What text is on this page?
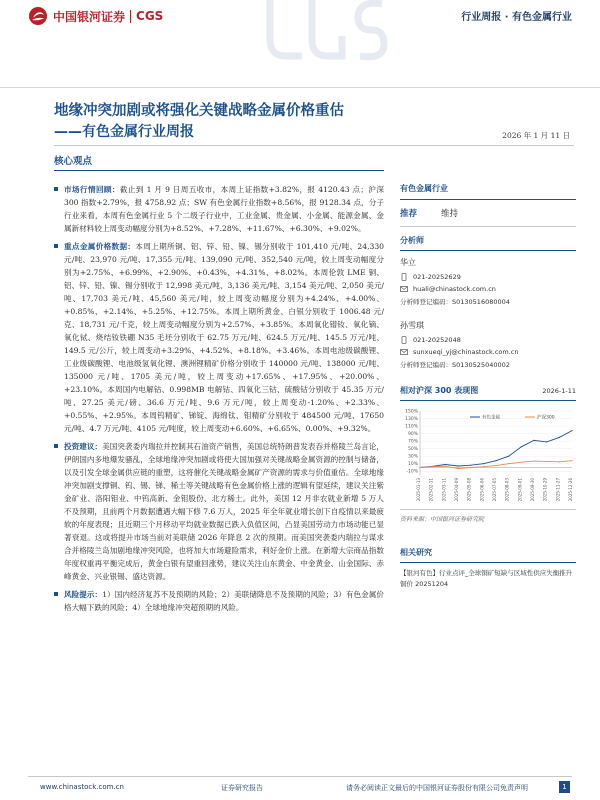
中国银河证券 CGS	行业周报 · 有色金属行业
地缘冲突加剧或将强化关键战略金属价格重估
——有色金属行业周报	2026 年 1 月 11 日
核心观点

市场行情回顾：截止到 1 月 9 日周五收市，本周上证指数+3.82%，报 4120.43 点；沪深 300 指数+2.79%，报 4758.92 点；SW 有色金属行业指数+8.56%，报 9128.34 点，分子行业来看，本周有色金属行业 5 个二级子行业中，工业金属、贵金属、小金属、能源金属、金属新材料较上周变动幅度分别为+8.52%、+7.28%、+11.67%、+6.30%、+9.02%。

重点金属价格数据：本周上期所铜、铝、锌、铅、镍、锡分别收于 101,410 元/吨、24,330 元/吨、23,970 元/吨、17,355 元/吨、139,090 元/吨、352,540 元/吨，较上周变动幅度分别为+2.75%、+6.99%、+2.90%、+0.43%、+4.31%、+8.02%。本周伦敦 LME 铜、铝、锌、铅、镍、锡分别收于 12,998 美元/吨、3,136 美元/吨、3,154 美元/吨、2,050 美元/吨、17,703 美元/吨、45,560 美元/吨，较上周变动幅度分别为+4.24%、+4.00%、+0.85%、+2.14%、+5.25%、+12.75%。本周上期所黄金、白银分别收于 1006.48 元/克、18,731 元/千克，较上周变动幅度分别为+2.57%、+3.85%。本周氧化镨钕、氧化镝、氧化铽、烧结钕铁硼 N35 毛坯分别收于 62.75 万元/吨、624.5 万元/吨、145.5 万元/吨、149.5 元/公斤，较上周变动+3.29%、+4.52%、+8.18%、+3.46%。本周电池级碳酸锂、工业级碳酸锂、电池级氢氧化锂、澳洲锂精矿价格分别收于 140000 元/吨、138000 元/吨、135000 元/吨、1705 美元/吨，较上周变动+17.65%、+17.95%、+20.00%、+23.10%。本周国内电解钴、0.998MB 电解钴、四氧化三钴、硫酸钴分别收于 45.35 万元/吨、27.25 美元/磅、36.6 万元/吨、9.6 万元/吨，较上周变动-1.20%、+2.33%、+0.55%、+2.95%。本周钨精矿、锑锭、海绵钛、钼精矿分别收于 484500 元/吨、17650 元/吨、4.7 万元/吨、4105 元/吨度，较上周变动+6.60%、+6.65%、0.00%、+9.32%。

投资建议：美国突袭委内瑞拉并控制其石油资产销售，美国总统特朗普发表吞并格陵兰岛言论，伊朗国内多地爆发骚乱，全球地缘冲突加剧或将使大国加强对关键战略金属资源的控制与储备，以及引发全球金属供应链的重塑，这将催化关键战略金属矿产资源的需求与价值重估。全球地缘冲突加剧支撑铜、钨、锡、锑、稀土等关键战略有色金属价格上涨的逻辑有望延续，建议关注紫金矿业、洛阳钼业、中钨高新、金钼股份、北方稀土。此外，美国 12 月非农就业新增 5 万人不及预期，且前两个月数据遭遇大幅下修 7.6 万人，2025 年全年就业增长创下自疫情以来最疲软的年度表现；且近期三个月移动平均就业数据已跌入负值区间，凸显美国劳动力市场动能已显著衰退。这或将提升市场当前对美联储 2026 年降息 2 次的预期。而美国突袭委内瑞拉与谋求合并格陵兰岛加剧地缘冲突风险，也将加大市场避险需求，利好金价上涨。在新增大宗商品指数年度权重再平衡完成后，黄金白银有望重回涨势，建议关注山东黄金、中金黄金、山金国际、赤峰黄金、兴业银锡、盛达资源。

风险提示：1）国内经济复苏不及预期的风险；2）美联储降息不及预期的风险；3）有色金属价格大幅下跌的风险；4）全球地缘冲突超预期的风险。

有色金属行业
推荐	维持
分析师
华立
021-20252629
huali@chinastock.com.cn
分析师登记编码：S0130516080004
孙雪琪
021-20252048
sunxueqi_yj@chinastock.com.cn
分析师登记编码：S0130525040002
相对沪深 300 表现图	2026-1-11
150%
130%
110%
90%
70%
50%
30%
10%
-10%
2025-01-13 2025-02-11 2025-03-11 2025-04-09 2025-05-08 2025-06-06 2025-07-05 2025-08-03 2025-09-01 2025-09-30 2025-10-29 2025-11-27 2025-12-26
有色金属	沪深300
资料来源：中国银河证券研究院
相关研究
【银河有色】行业点评_全球铜矿短缺与区域性供应失衡推升铜价 20251204
www.chinastock.com.cn	证券研究报告	请务必阅读正文最后的中国银河证券股份有限公司免责声明	1
